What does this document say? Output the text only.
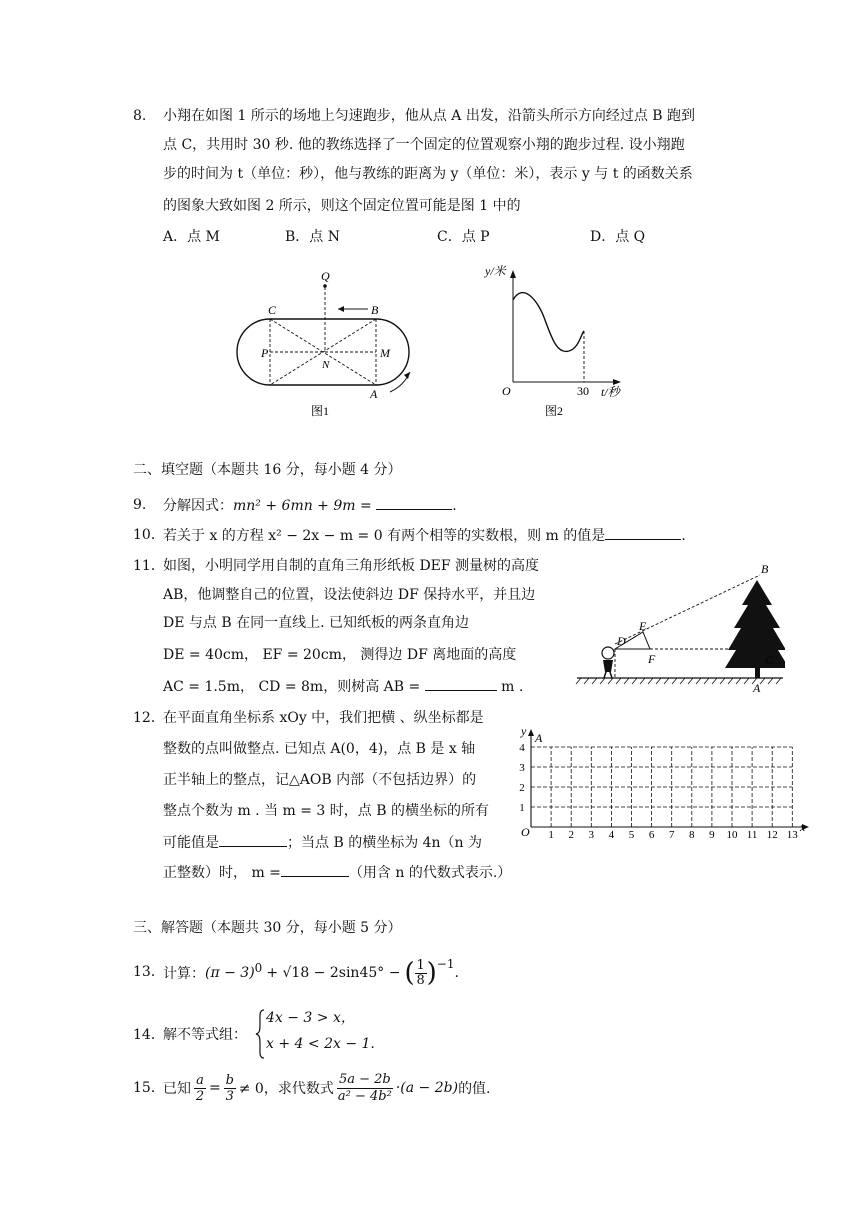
8. 小翔在如图 1 所示的场地上匀速跑步，他从点 A 出发，沿箭头所示方向经过点 B 跑到
点 C，共用时 30 秒. 他的教练选择了一个固定的位置观察小翔的跑步过程. 设小翔跑
步的时间为 t（单位：秒），他与教练的距离为 y（单位：米），表示 y 与 t 的函数关系
的图象大致如图 2 所示，则这个固定位置可能是图 1 中的
A．点 M	B．点 N	C．点 P	D．点 Q
Q
C	B
P	M
N
A
图1
y/米
t/秒
O	30
图2
二、填空题（本题共 16 分，每小题 4 分）
9. 分解因式：mn² + 6mn + 9m =	.
10．
若关于 x 的方程 x² − 2x − m = 0 有两个相等的实数根，则 m 的值是	.
11．
如图，小明同学用自制的直角三角形纸板 DEF 测量树的高度
AB，他调整自己的位置，设法使斜边 DF 保持水平，并且边
DE 与点 B 在同一直线上. 已知纸板的两条直角边
DE = 40cm， EF = 20cm， 测得边 DF 离地面的高度
AC = 1.5m， CD = 8m，则树高 AB =	m .
B
E
D
F	C
A
12．
在平面直角坐标系 xOy 中，我们把横 、纵坐标都是
整数的点叫做整点. 已知点 A(0，4)，点 B 是 x 轴
正半轴上的整点，记△AOB 内部（不包括边界）的
整点个数为 m . 当 m = 3 时，点 B 的横坐标的所有
可能值是	；当点 B 的横坐标为 4n（n 为
正整数）时， m =	（用含 n 的代数式表示.）
O	x
y A
1 2 3 4 5 6 7 8 9 10 11 12 13
1
2
3
4
三、解答题（本题共 30 分，每小题 5 分）
13．
计算： (π − 3) 0 + √18 − 2sin45° − ( 1
8 ) −1
.
14．
解不等式组：
4x − 3 > x，
x + 4 < 2x − 1.
15．
已知
a
2 = b
3 ≠ 0，求代数式
5a − 2b
a² − 4b² ·(a − 2b) 的值.
